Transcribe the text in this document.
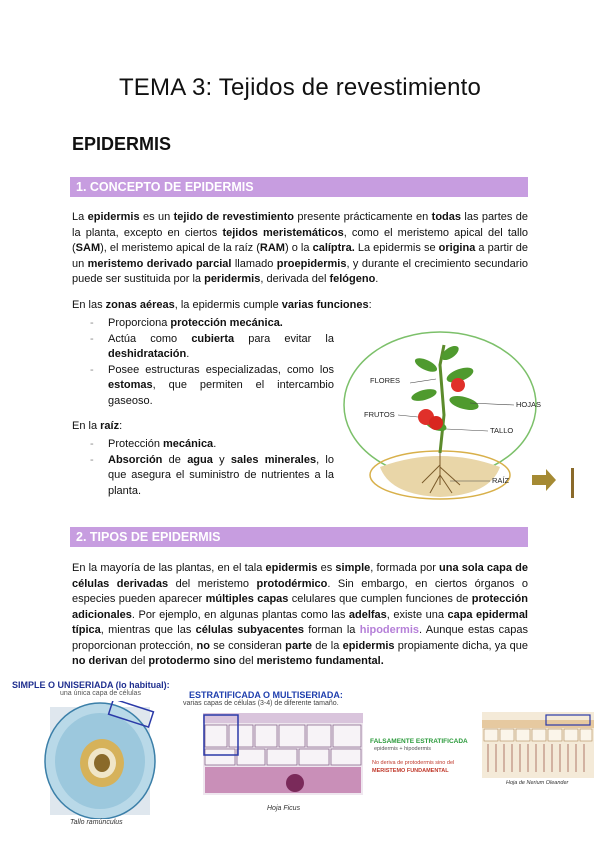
TEMA 3: Tejidos de revestimiento
EPIDERMIS
1. CONCEPTO DE EPIDERMIS
La epidermis es un tejido de revestimiento presente prácticamente en todas las partes de la planta, excepto en ciertos tejidos meristemáticos, como el meristemo apical del tallo (SAM), el meristemo apical de la raíz (RAM) o la calíptra. La epidermis se origina a partir de un meristemo derivado parcial llamado proepidermis, y durante el crecimiento secundario puede ser sustituida por la peridermis, derivada del felógeno.
En las zonas aéreas, la epidermis cumple varias funciones:
- Proporciona protección mecánica.
- Actúa como cubierta para evitar la deshidratación.
- Posee estructuras especializadas, como los estomas, que permiten el intercambio gaseoso.
En la raíz:
- Protección mecánica.
- Absorción de agua y sales minerales, lo que asegura el suministro de nutrientes a la planta.
FLORES
FRUTOS
HOJAS
TALLO
RAÍZ
2. TIPOS DE EPIDERMIS
En la mayoría de las plantas, en el tala epidermis es simple, formada por una sola capa de células derivadas del meristemo protodérmico. Sin embargo, en ciertos órganos o especies pueden aparecer múltiples capas celulares que cumplen funciones de protección adicionales. Por ejemplo, en algunas plantas como las adelfas, existe una capa epidermal típica, mientras que las células subyacentes forman la hipodermis. Aunque estas capas proporcionan protección, no se consideran parte de la epidermis propiamente dicha, ya que no derivan del protodermo sino del meristemo fundamental.
SIMPLE O UNISERIADA (lo habitual):
una única capa de células
Tallo ramúnculus
ESTRATIFICADA O MULTISERIADA:
varias capas de células (3-4) de diferente tamaño.
Hoja Ficus
FALSAMENTE ESTRATIFICADA
epidermis + hipodermis
No deriva de protodermis sino del
MERISTEMO FUNDAMENTAL
Hoja de Nerium Oleander
